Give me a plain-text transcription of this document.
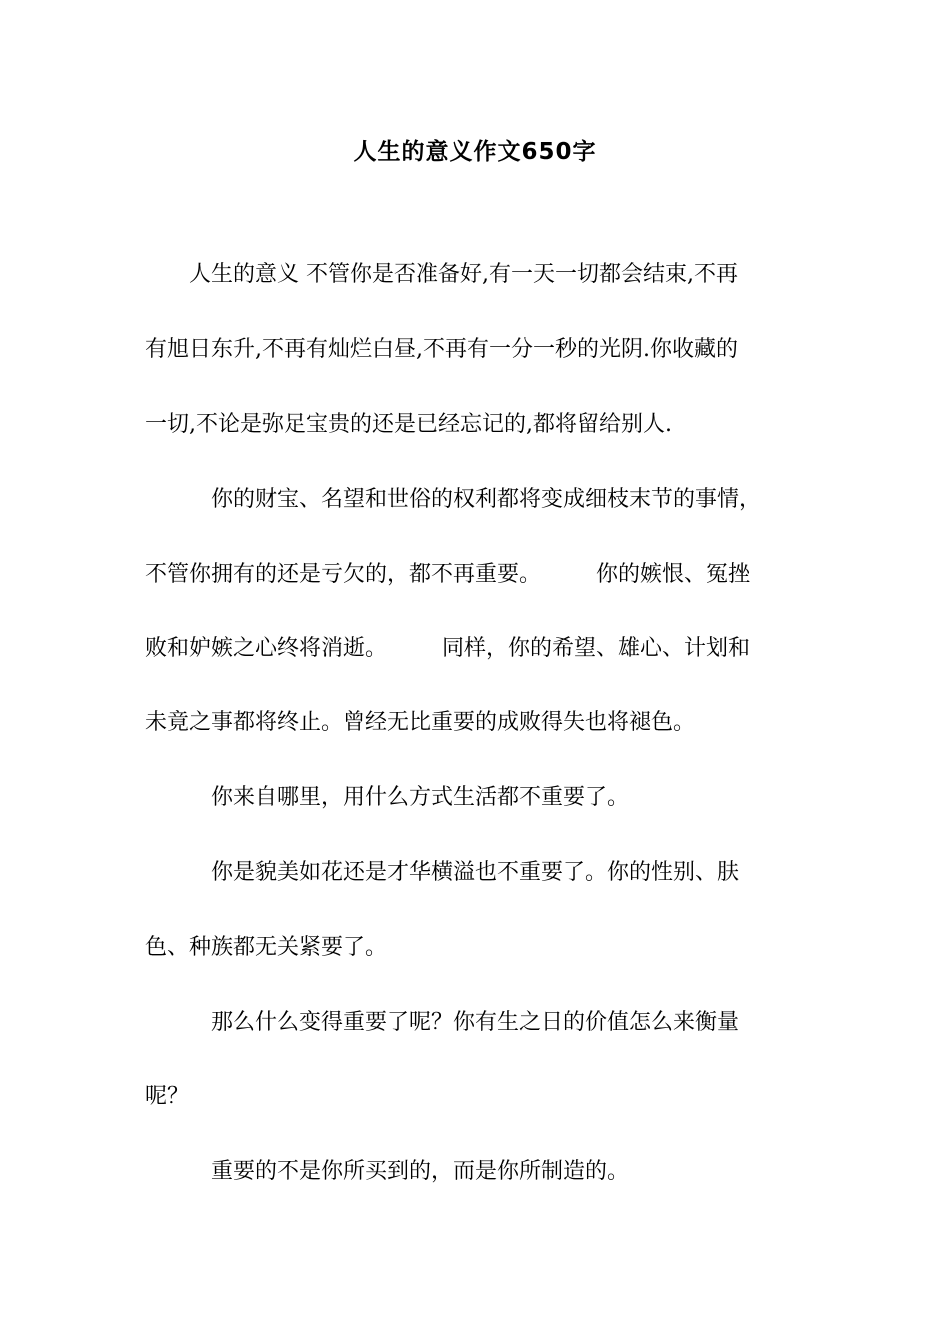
人生的意义作文650字
　　人生的意义 不管你是否准备好,有一天一切都会结束,不再
有旭日东升,不再有灿烂白昼,不再有一分一秒的光阴.你收藏的
一切,不论是弥足宝贵的还是已经忘记的,都将留给别人.
　　　你的财宝、名望和世俗的权利都将变成细枝末节的事情，
不管你拥有的还是亏欠的，都不再重要。　　　你的嫉恨、冤挫
败和妒嫉之心终将消逝。　　　同样，你的希望、雄心、计划和
未竟之事都将终止。曾经无比重要的成败得失也将褪色。
　　　你来自哪里，用什么方式生活都不重要了。
　　　你是貌美如花还是才华横溢也不重要了。你的性别、肤
色、种族都无关紧要了。
　　　那么什么变得重要了呢？你有生之日的价值怎么来衡量
呢？
　　　重要的不是你所买到的，而是你所制造的。
